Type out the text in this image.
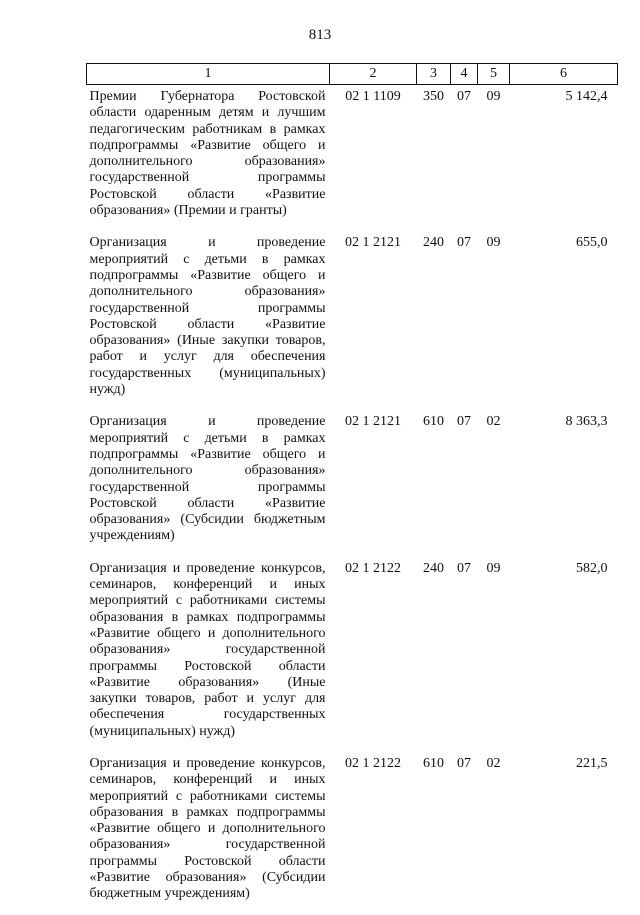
813
1	2	3	4	5	6
Премии Губернатора Ростовской области одаренным детям и лучшим педагогическим работникам в рамках подпрограммы «Развитие общего и дополнительного образования» государственной программы Ростовской области «Развитие образования» (Премии и гранты)	02 1 1109	350	07	09	5 142,4
Организация и проведение мероприятий с детьми в рамках подпрограммы «Развитие общего и дополнительного образования» государственной программы Ростовской области «Развитие образования» (Иные закупки товаров, работ и услуг для обеспечения государственных (муниципальных) нужд)	02 1 2121	240	07	09	655,0
Организация и проведение мероприятий с детьми в рамках подпрограммы «Развитие общего и дополнительного образования» государственной программы Ростовской области «Развитие образования» (Субсидии бюджетным учреждениям)	02 1 2121	610	07	02	8 363,3
Организация и проведение конкурсов, семинаров, конференций и иных мероприятий с работниками системы образования в рамках подпрограммы «Развитие общего и дополнительного образования» государственной программы Ростовской области «Развитие образования» (Иные закупки товаров, работ и услуг для обеспечения государственных (муниципальных) нужд)	02 1 2122	240	07	09	582,0
Организация и проведение конкурсов, семинаров, конференций и иных мероприятий с работниками системы образования в рамках подпрограммы «Развитие общего и дополнительного образования» государственной программы Ростовской области «Развитие образования» (Субсидии бюджетным учреждениям)	02 1 2122	610	07	02	221,5
